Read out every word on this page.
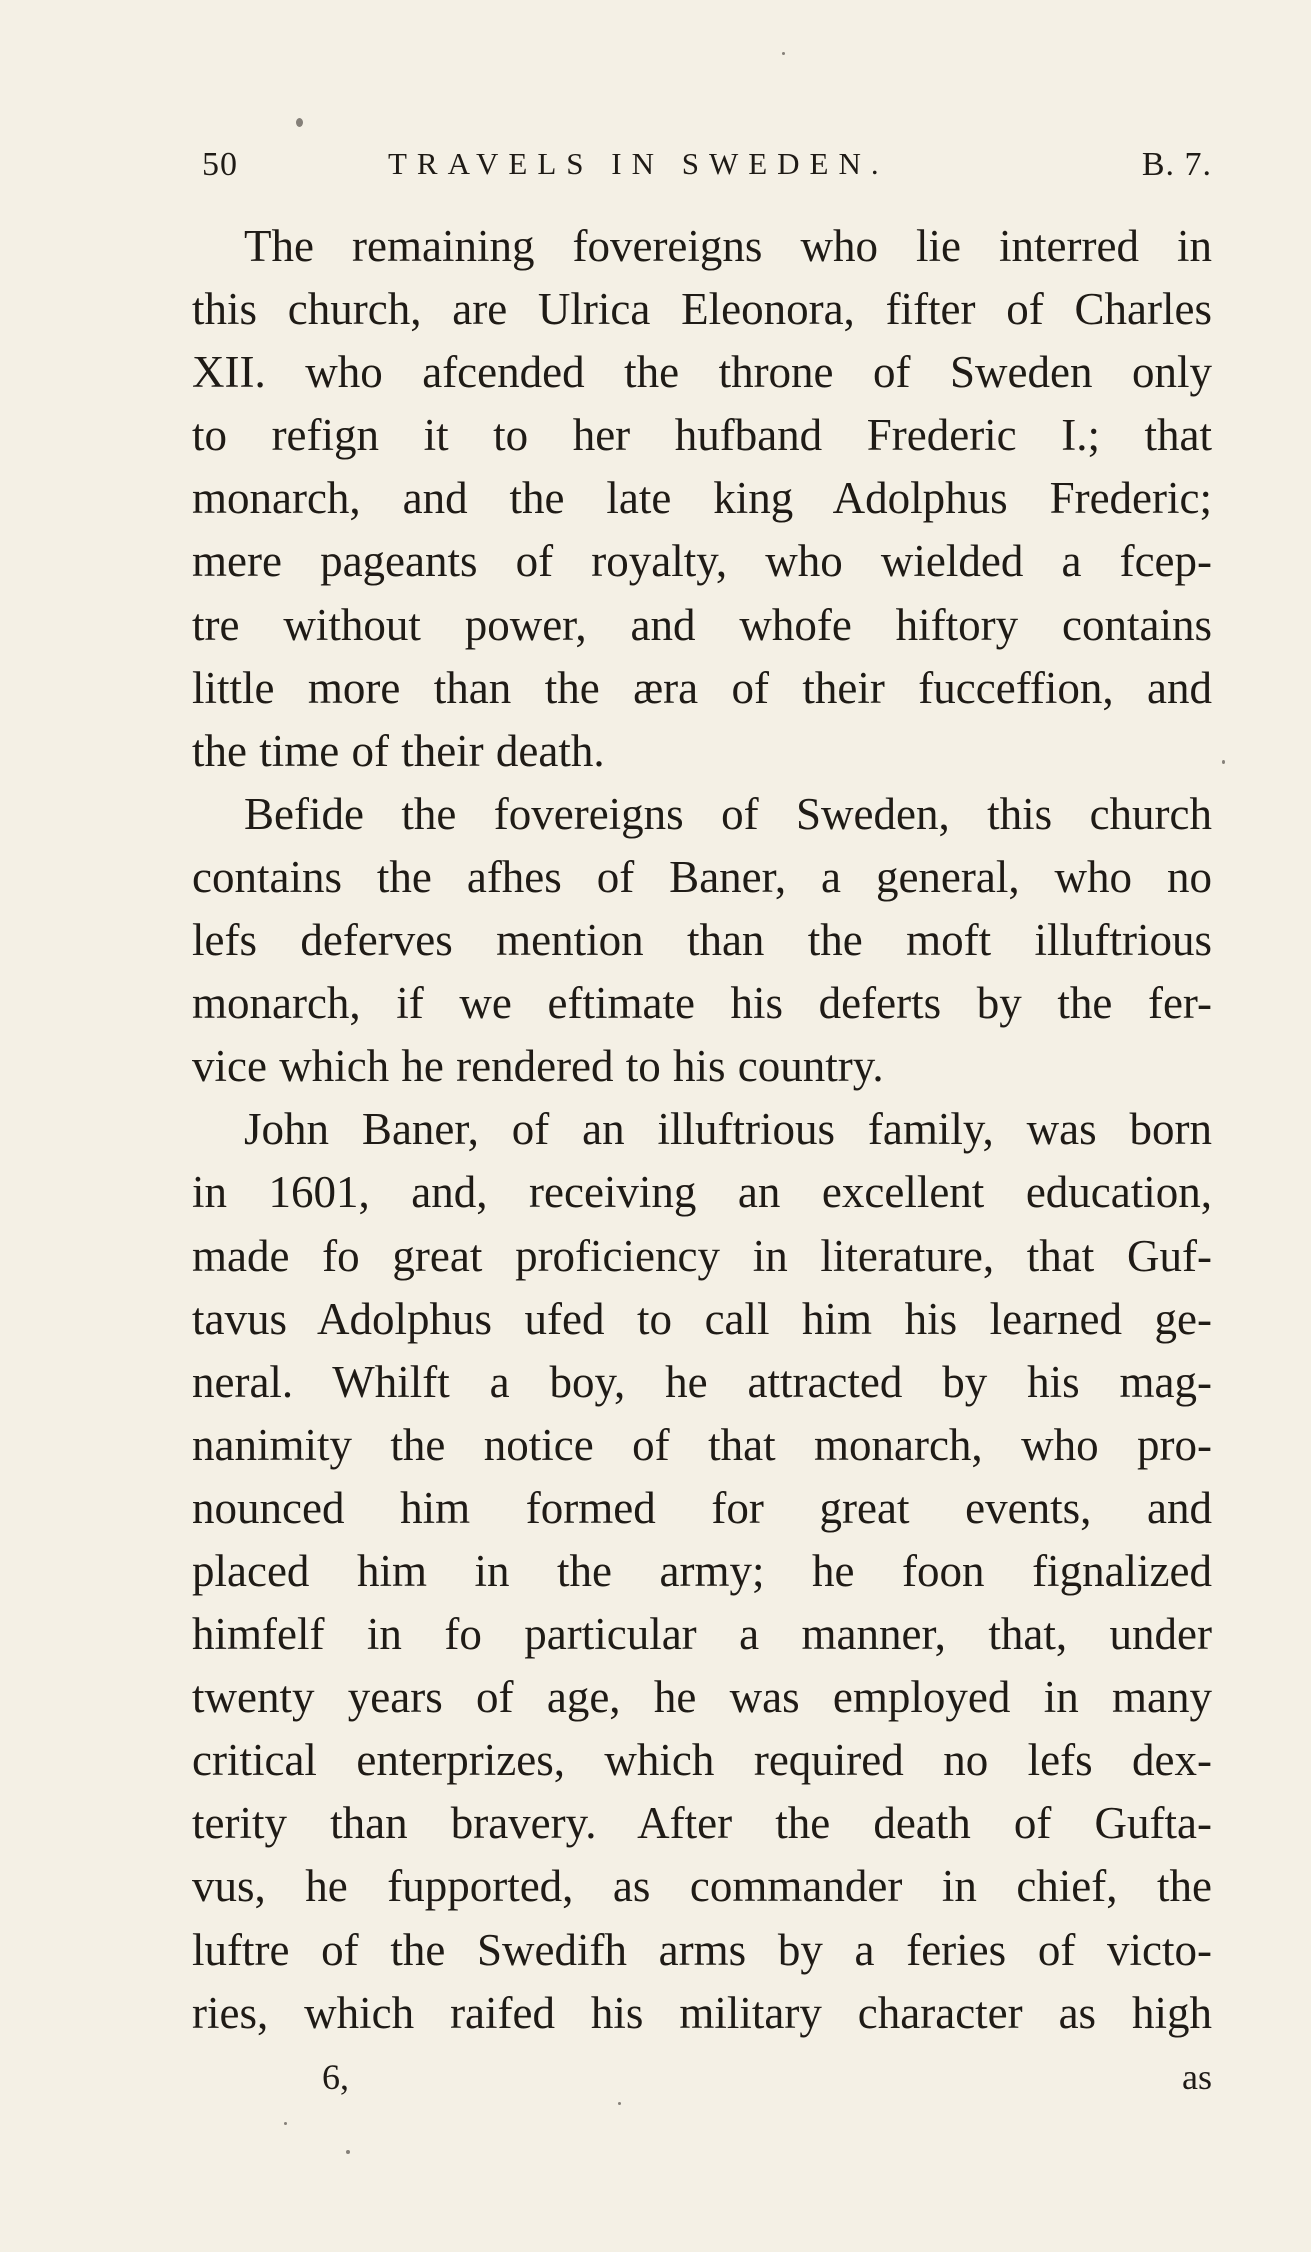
50	TRAVELS IN SWEDEN.	B. 7.
The remaining fovereigns who lie interred in
this church, are Ulrica Eleonora, fifter of Charles
XII. who afcended the throne of Sweden only
to refign it to her hufband Frederic I.; that
monarch, and the late king Adolphus Frederic;
mere pageants of royalty, who wielded a fcep-
tre without power, and whofe hiftory contains
little more than the æra of their fucceffion, and
the time of their death.
Befide the fovereigns of Sweden, this church
contains the afhes of Baner, a general, who no
lefs deferves mention than the moft illuftrious
monarch, if we eftimate his deferts by the fer-
vice which he rendered to his country.
John Baner, of an illuftrious family, was born
in 1601, and, receiving an excellent education,
made fo great proficiency in literature, that Guf-
tavus Adolphus ufed to call him his learned ge-
neral. Whilft a boy, he attracted by his mag-
nanimity the notice of that monarch, who pro-
nounced him formed for great events, and
placed him in the army; he foon fignalized
himfelf in fo particular a manner, that, under
twenty years of age, he was employed in many
critical enterprizes, which required no lefs dex-
terity than bravery. After the death of Gufta-
vus, he fupported, as commander in chief, the
luftre of the Swedifh arms by a feries of victo-
ries, which raifed his military character as high
6,	as
